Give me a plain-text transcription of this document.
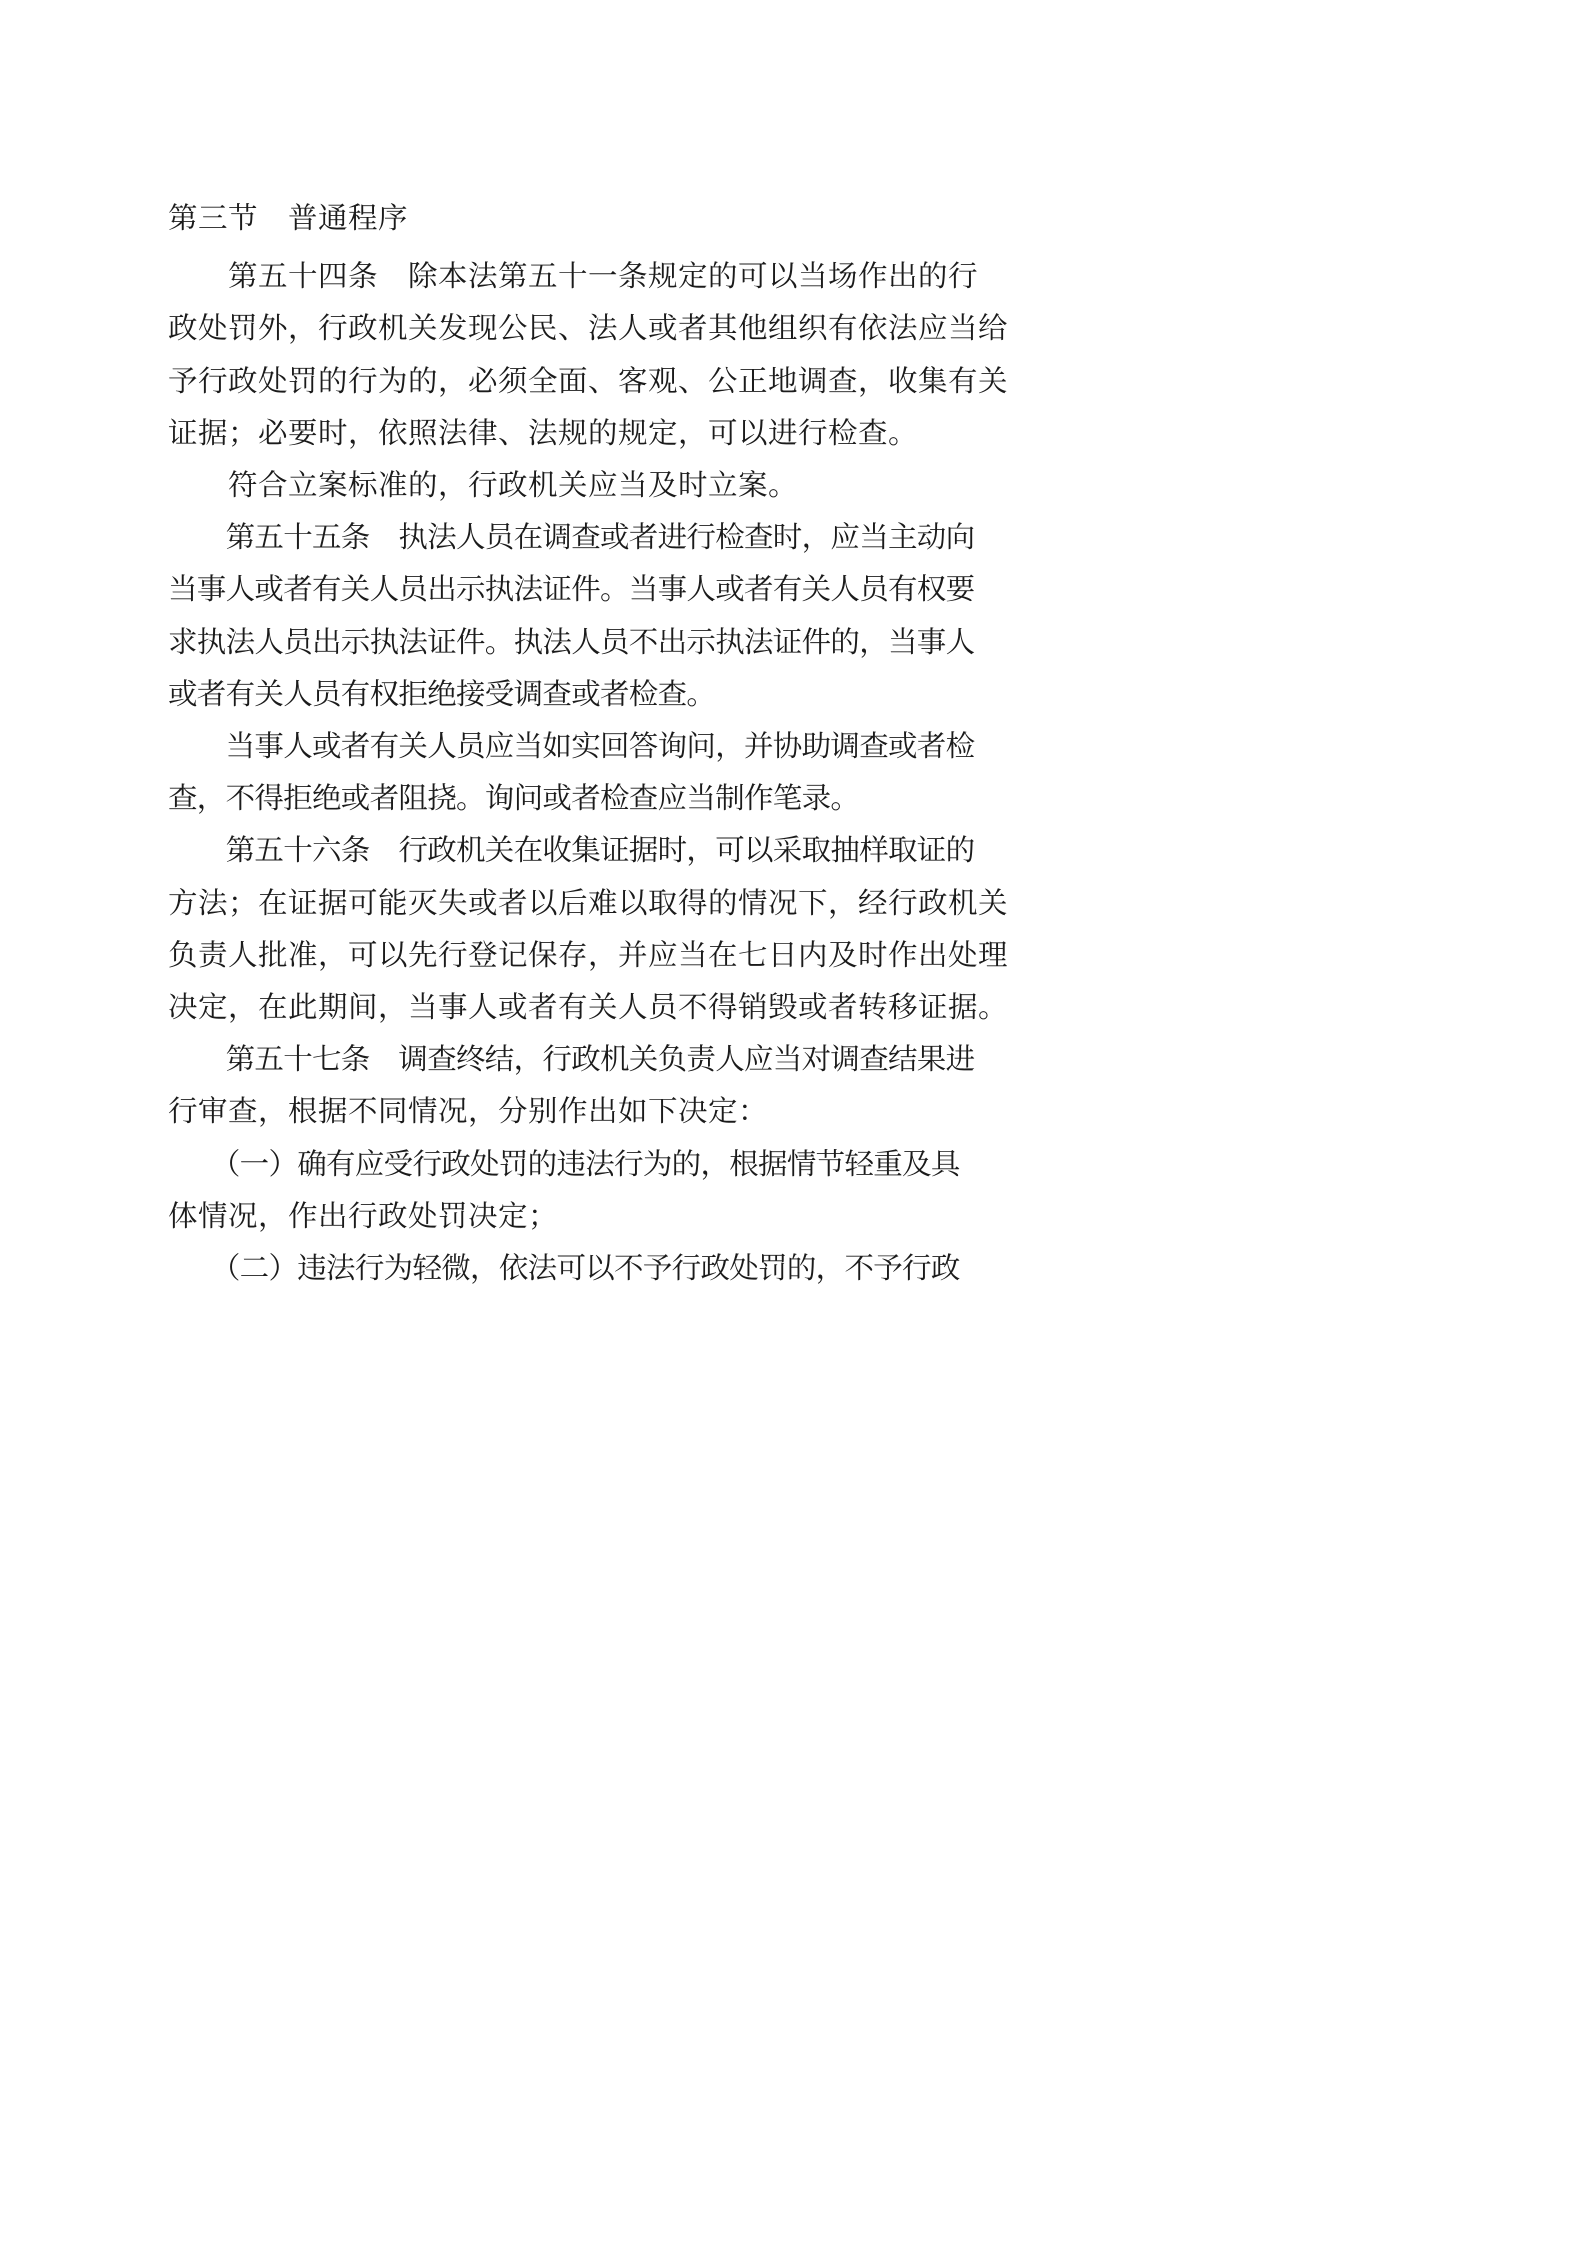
第三节　普通程序
　　第五十四条　除本法第五十一条规定的可以当场作出的行
政处罚外，行政机关发现公民、法人或者其他组织有依法应当给
予行政处罚的行为的，必须全面、客观、公正地调查，收集有关
证据；必要时，依照法律、法规的规定，可以进行检查。
　　符合立案标准的，行政机关应当及时立案。
　　第五十五条　执法人员在调查或者进行检查时，应当主动向
当事人或者有关人员出示执法证件。当事人或者有关人员有权要
求执法人员出示执法证件。执法人员不出示执法证件的，当事人
或者有关人员有权拒绝接受调查或者检查。
　　当事人或者有关人员应当如实回答询问，并协助调查或者检
查，不得拒绝或者阻挠。询问或者检查应当制作笔录。
　　第五十六条　行政机关在收集证据时，可以采取抽样取证的
方法；在证据可能灭失或者以后难以取得的情况下，经行政机关
负责人批准，可以先行登记保存，并应当在七日内及时作出处理
决定，在此期间，当事人或者有关人员不得销毁或者转移证据。
　　第五十七条　调查终结，行政机关负责人应当对调查结果进
行审查，根据不同情况，分别作出如下决定：
　　（一）确有应受行政处罚的违法行为的，根据情节轻重及具
体情况，作出行政处罚决定；
　　（二）违法行为轻微，依法可以不予行政处罚的，不予行政
